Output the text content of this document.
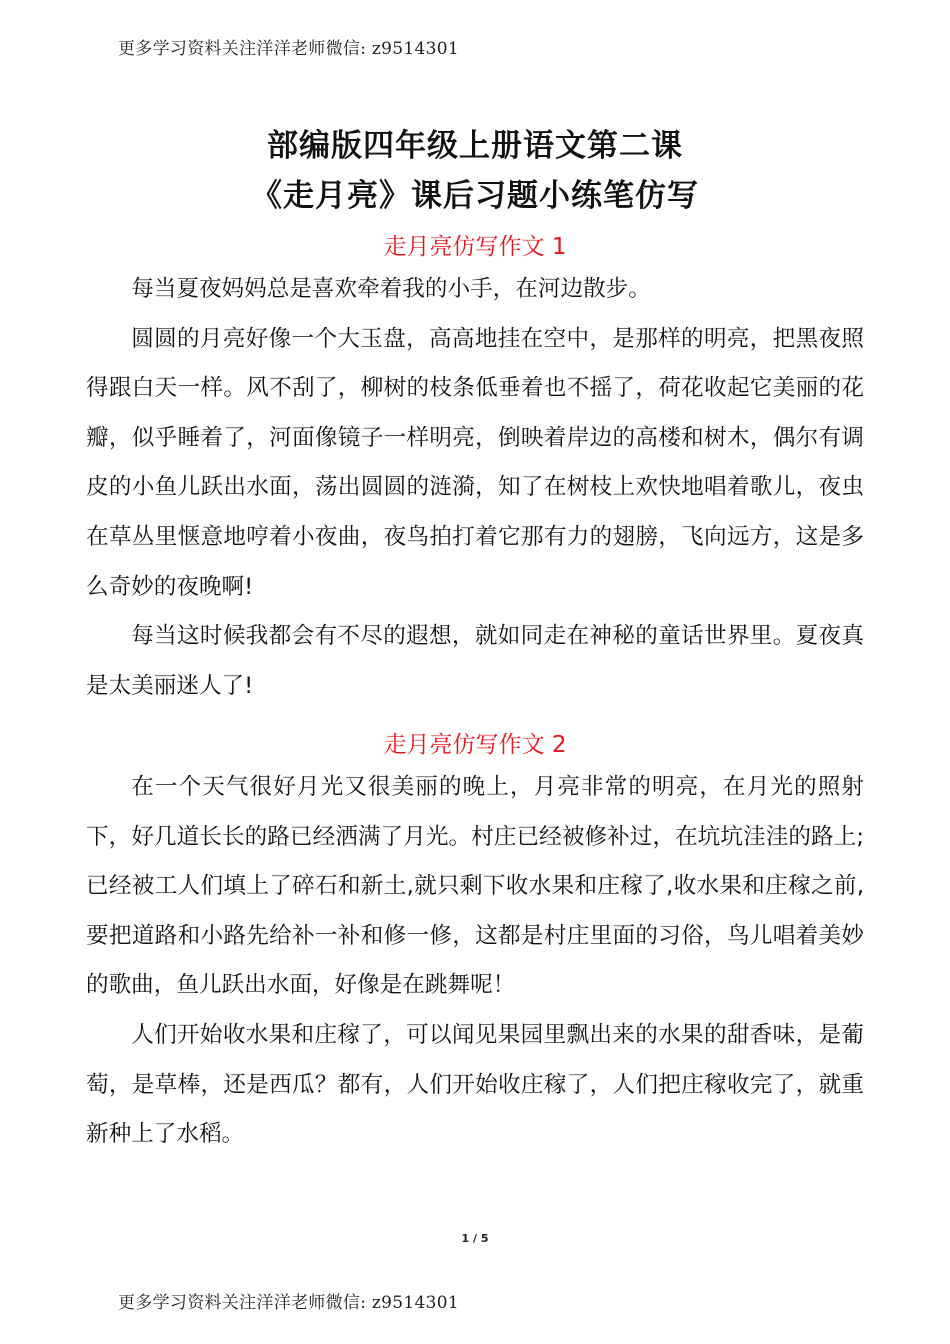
更多学习资料关注洋洋老师微信: z9514301
部编版四年级上册语文第二课
《走月亮》课后习题小练笔仿写
走月亮仿写作文 1

每当夏夜妈妈总是喜欢牵着我的小手，在河边散步。

圆圆的月亮好像一个大玉盘，高高地挂在空中，是那样的明亮，把黑夜照得跟白天一样。风不刮了，柳树的枝条低垂着也不摇了，荷花收起它美丽的花瓣，似乎睡着了，河面像镜子一样明亮，倒映着岸边的高楼和树木，偶尔有调皮的小鱼儿跃出水面，荡出圆圆的涟漪，知了在树枝上欢快地唱着歌儿，夜虫在草丛里惬意地哼着小夜曲，夜鸟拍打着它那有力的翅膀，飞向远方，这是多么奇妙的夜晚啊!

每当这时候我都会有不尽的遐想，就如同走在神秘的童话世界里。夏夜真是太美丽迷人了!

走月亮仿写作文 2

在一个天气很好月光又很美丽的晚上，月亮非常的明亮，在月光的照射下，好几道长长的路已经洒满了月光。村庄已经被修补过，在坑坑洼洼的路上; 已经被工人们填上了碎石和新土,就只剩下收水果和庄稼了,收水果和庄稼之前,要把道路和小路先给补一补和修一修，这都是村庄里面的习俗，鸟儿唱着美妙的歌曲，鱼儿跃出水面，好像是在跳舞呢！

人们开始收水果和庄稼了，可以闻见果园里飘出来的水果的甜香味，是葡萄，是草棒，还是西瓜？都有，人们开始收庄稼了，人们把庄稼收完了，就重新种上了水稻。

1 / 5
更多学习资料关注洋洋老师微信: z9514301
